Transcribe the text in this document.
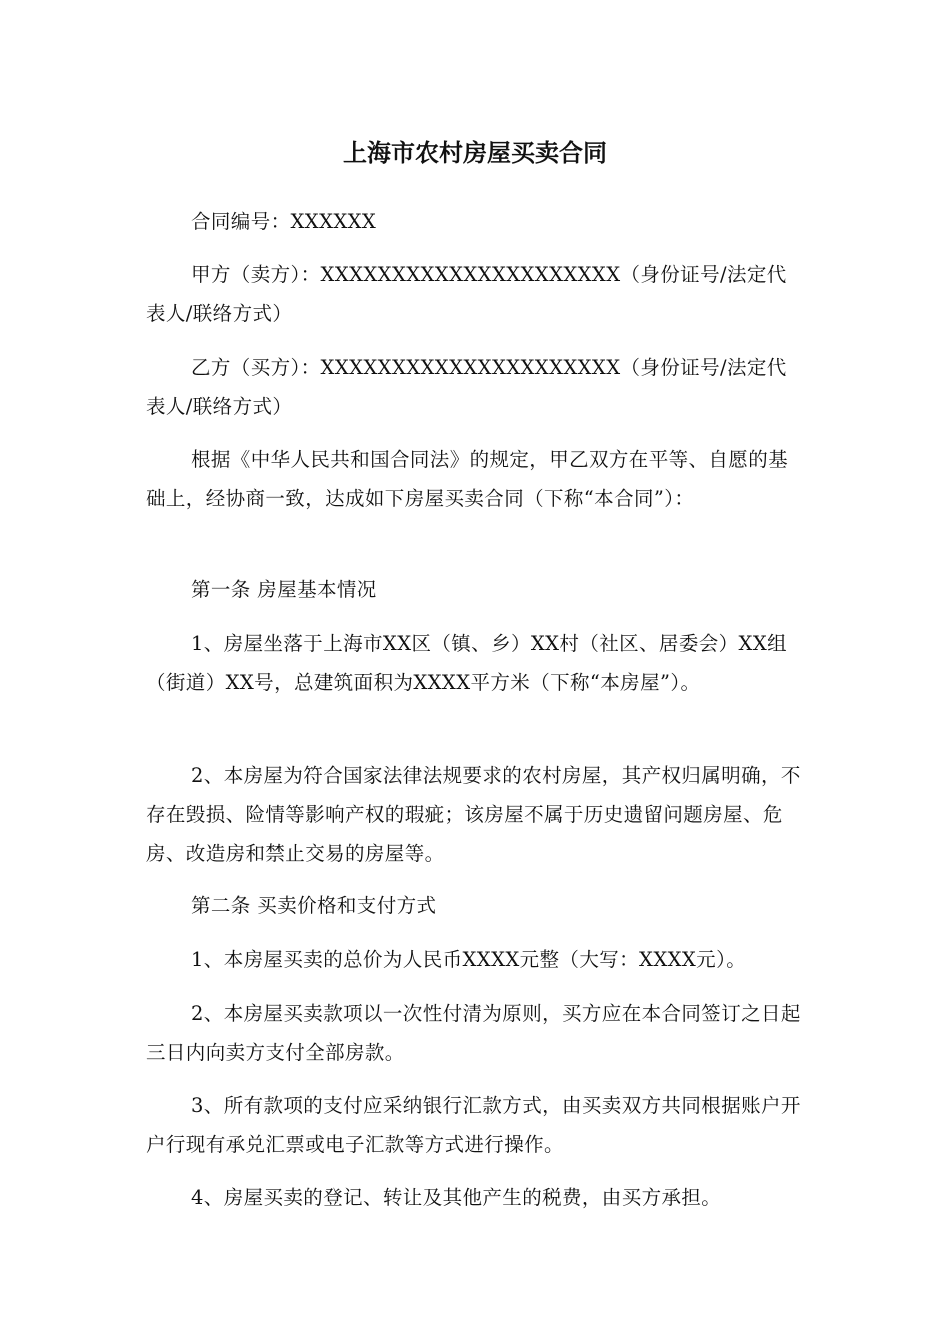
上海市农村房屋买卖合同

合同编号：XXXXXX

甲方（卖方）：XXXXXXXXXXXXXXXXXXXXX（身份证号/法定代表人/联络方式）

乙方（买方）：XXXXXXXXXXXXXXXXXXXXX（身份证号/法定代表人/联络方式）

根据《中华人民共和国合同法》的规定，甲乙双方在平等、自愿的基础上，经协商一致，达成如下房屋买卖合同（下称“本合同”）：

第一条 房屋基本情况

1、房屋坐落于上海市XX区（镇、乡）XX村（社区、居委会）XX组（街道）XX号，总建筑面积为XXXX平方米（下称“本房屋”）。

2、本房屋为符合国家法律法规要求的农村房屋，其产权归属明确，不存在毁损、险情等影响产权的瑕疵；该房屋不属于历史遗留问题房屋、危房、改造房和禁止交易的房屋等。

第二条 买卖价格和支付方式

1、本房屋买卖的总价为人民币XXXX元整（大写：XXXX元）。

2、本房屋买卖款项以一次性付清为原则，买方应在本合同签订之日起三日内向卖方支付全部房款。

3、所有款项的支付应采纳银行汇款方式，由买卖双方共同根据账户开户行现有承兑汇票或电子汇款等方式进行操作。

4、房屋买卖的登记、转让及其他产生的税费，由买方承担。
